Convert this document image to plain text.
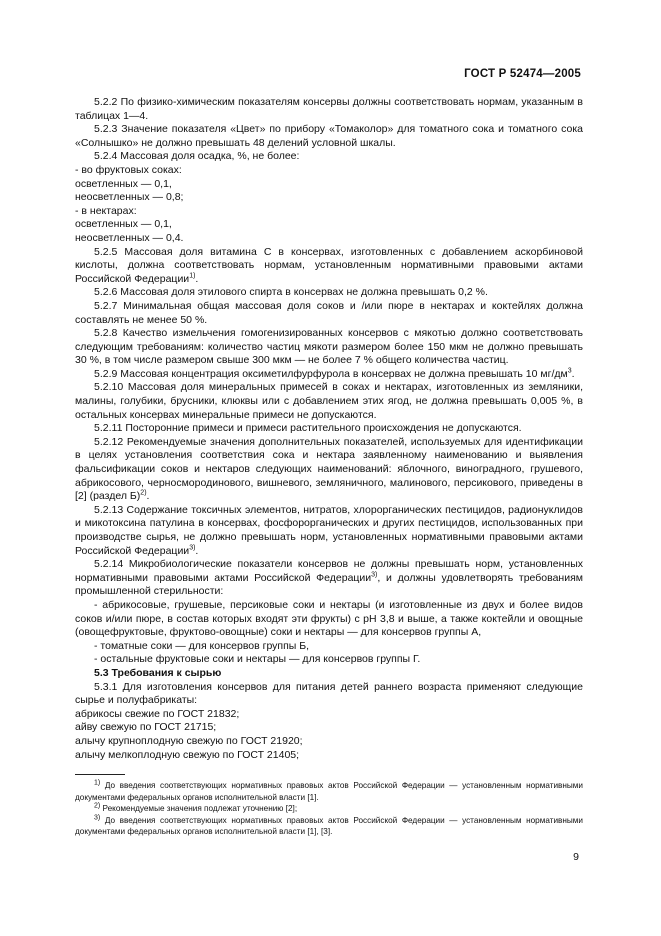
ГОСТ Р 52474—2005

5.2.2 По физико-химическим показателям консервы должны соответствовать нормам, указанным в таблицах 1—4.

5.2.3 Значение показателя «Цвет» по прибору «Томаколор» для томатного сока и томатного сока «Солнышко» не должно превышать 48 делений условной шкалы.

5.2.4 Массовая доля осадка, %, не более:

- во фруктовых соках:

осветленных — 0,1,

неосветленных — 0,8;

- в нектарах:

осветленных — 0,1,

неосветленных — 0,4.

5.2.5 Массовая доля витамина С в консервах, изготовленных с добавлением аскорбиновой кислоты, должна соответствовать нормам, установленным нормативными правовыми актами Российской Федерации$^{1)}$.

5.2.6 Массовая доля этилового спирта в консервах не должна превышать 0,2 %.

5.2.7 Минимальная общая массовая доля соков и /или пюре в нектарах и коктейлях должна составлять не менее 50 %.

5.2.8 Качество измельчения гомогенизированных консервов с мякотью должно соответствовать следующим требованиям: количество частиц мякоти размером более 150 мкм не должно превышать 30 %, в том числе размером свыше 300 мкм — не более 7 % общего количества частиц.

5.2.9 Массовая концентрация оксиметилфурфурола в консервах не должна превышать 10 $мг/дм^3$.

5.2.10 Массовая доля минеральных примесей в соках и нектарах, изготовленных из земляники, малины, голубики, брусники, клюквы или с добавлением этих ягод, не должна превышать 0,005 %, в остальных консервах минеральные примеси не допускаются.

5.2.11 Посторонние примеси и примеси растительного происхождения не допускаются.

5.2.12 Рекомендуемые значения дополнительных показателей, используемых для идентификации в целях установления соответствия сока и нектара заявленному наименованию и выявления фальсификации соков и нектаров следующих наименований: яблочного, виноградного, грушевого, абрикосового, черносмородинового, вишневого, земляничного, малинового, персикового, приведены в [2] (раздел Б)$^{2)}$.

5.2.13 Содержание токсичных элементов, нитратов, хлорорганических пестицидов, радионуклидов и микотоксина патулина в консервах, фосфорорганических и других пестицидов, использованных при производстве сырья, не должно превышать норм, установленных нормативными правовыми актами Российской Федерации$^{3)}$.

5.2.14 Микробиологические показатели консервов не должны превышать норм, установленных нормативными правовыми актами Российской Федерации$^{3)}$, и должны удовлетворять требованиям промышленной стерильности:

- абрикосовые, грушевые, персиковые соки и нектары (и изготовленные из двух и более видов соков и/или пюре, в состав которых входят эти фрукты) с pH 3,8 и выше, а также коктейли и овощные (овощефруктовые, фруктово-овощные) соки и нектары — для консервов группы А,

- томатные соки — для консервов группы Б,

- остальные фруктовые соки и нектары — для консервов группы Г.

5.3 Требования к сырью

5.3.1 Для изготовления консервов для питания детей раннего возраста применяют следующие сырье и полуфабрикаты:

абрикосы свежие по ГОСТ 21832;

айву свежую по ГОСТ 21715;

алычу крупноплодную свежую по ГОСТ 21920;

алычу мелкоплодную свежую по ГОСТ 21405;

$^{1)}$ До введения соответствующих нормативных правовых актов Российской Федерации — установленным нормативными документами федеральных органов исполнительной власти [1].

$^{2)}$ Рекомендуемые значения подлежат уточнению [2];

$^{3)}$ До введения соответствующих нормативных правовых актов Российской Федерации — установленным нормативными документами федеральных органов исполнительной власти [1], [3].

9
